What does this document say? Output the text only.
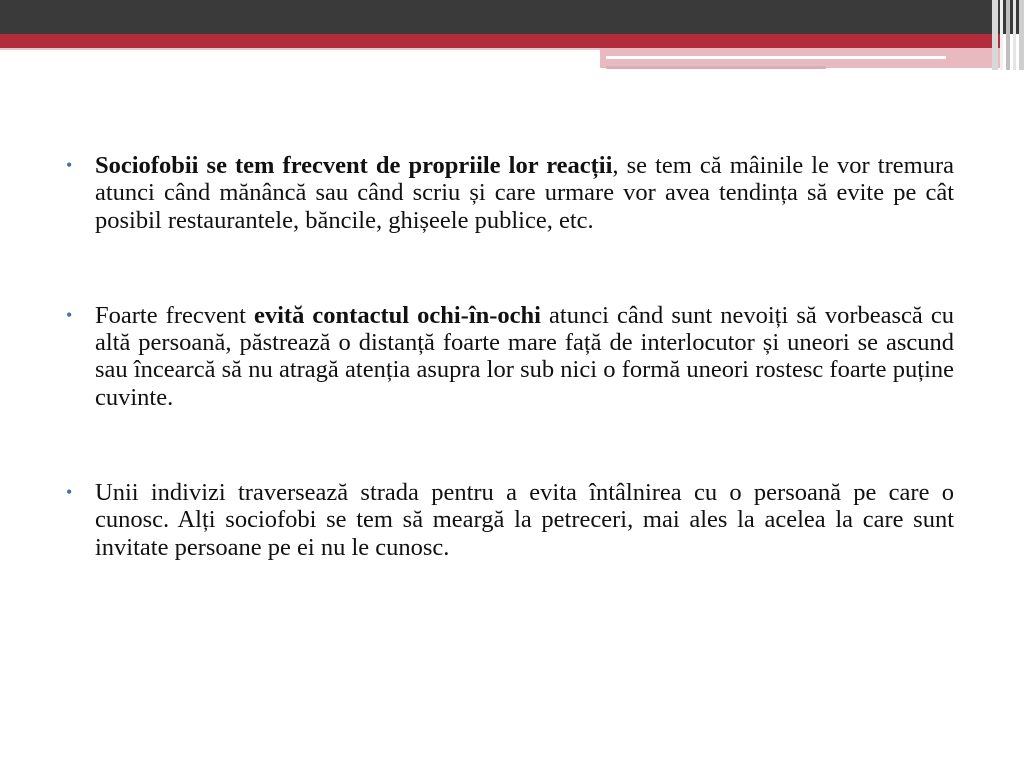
• Sociofobii se tem frecvent de propriile lor reacții, se tem că mâinile le vor tremura atunci când mănâncă sau când scriu și care urmare vor avea tendința să evite pe cât posibil restaurantele, băncile, ghișeele publice, etc.
• Foarte frecvent evită contactul ochi-în-ochi atunci când sunt nevoiți să vorbească cu altă persoană, păstrează o distanță foarte mare față de interlocutor și uneori se ascund sau încearcă să nu atragă atenția asupra lor sub nici o formă uneori rostesc foarte puține cuvinte.
• Unii indivizi traversează strada pentru a evita întâlnirea cu o persoană pe care o cunosc. Alți sociofobi se tem să meargă la petreceri, mai ales la acelea la care sunt invitate persoane pe ei nu le cunosc.
